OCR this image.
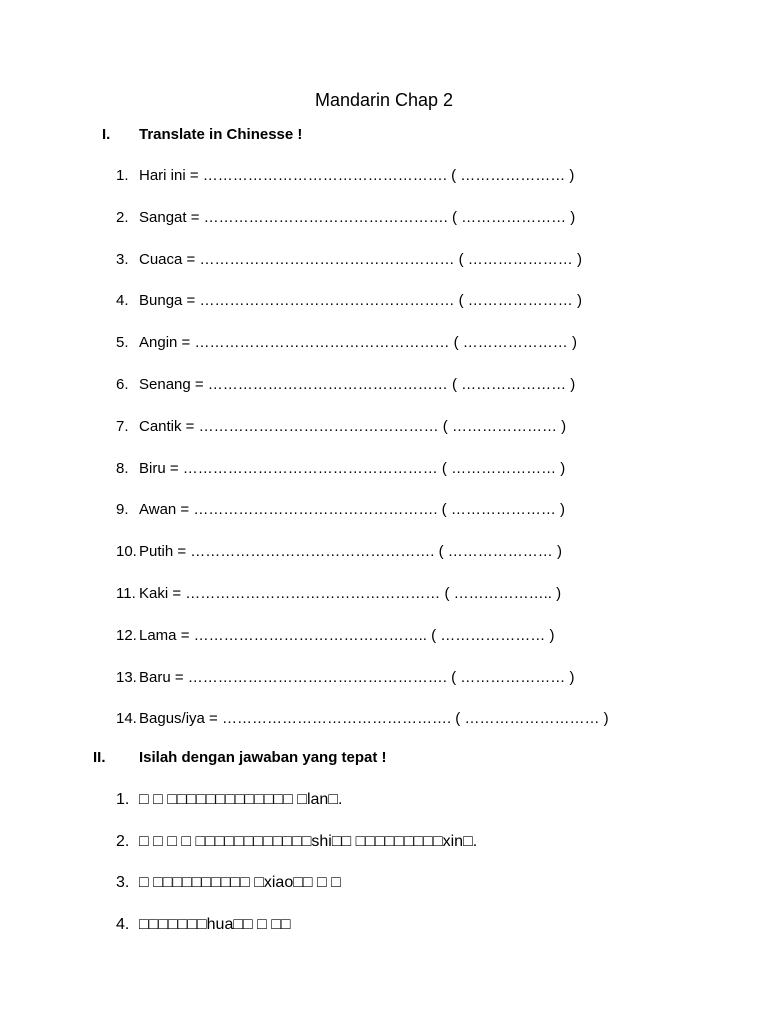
Mandarin Chap 2
I. Translate in Chinesse !
1. Hari ini = …………………………………………. ( ………………… )
2. Sangat = …………………………………………. ( ………………… )
3. Cuaca = …………………………………………… ( ………………… )
4. Bunga = …………………………………………… ( ………………… )
5. Angin = …………………………………………… ( ………………… )
6. Senang = ………………………………………… ( ………………… )
7. Cantik = ………………………………………… ( ………………… )
8. Biru = …………………………………………… ( ………………… )
9. Awan = …………………………………………. ( ………………… )
10. Putih = …………………………………………. ( ………………… )
11. Kaki = …………………………………………… ( ……………….. )
12. Lama = ……………………………………….. ( ………………… )
13. Baru = ……………………………………………. ( ………………… )
14. Bagus/iya = ………………………………………. ( ……………………… )
II. Isilah dengan jawaban yang tepat !
1. □ □ □□□□□□□□□□□□□ □lan□.
2. □ □ □ □ □□□□□□□□□□□□shi□□ □□□□□□□□□xin□.
3. □ □□□□□□□□□□ □xiao□□ □ □
4. □□□□□□□hua□□ □ □□
